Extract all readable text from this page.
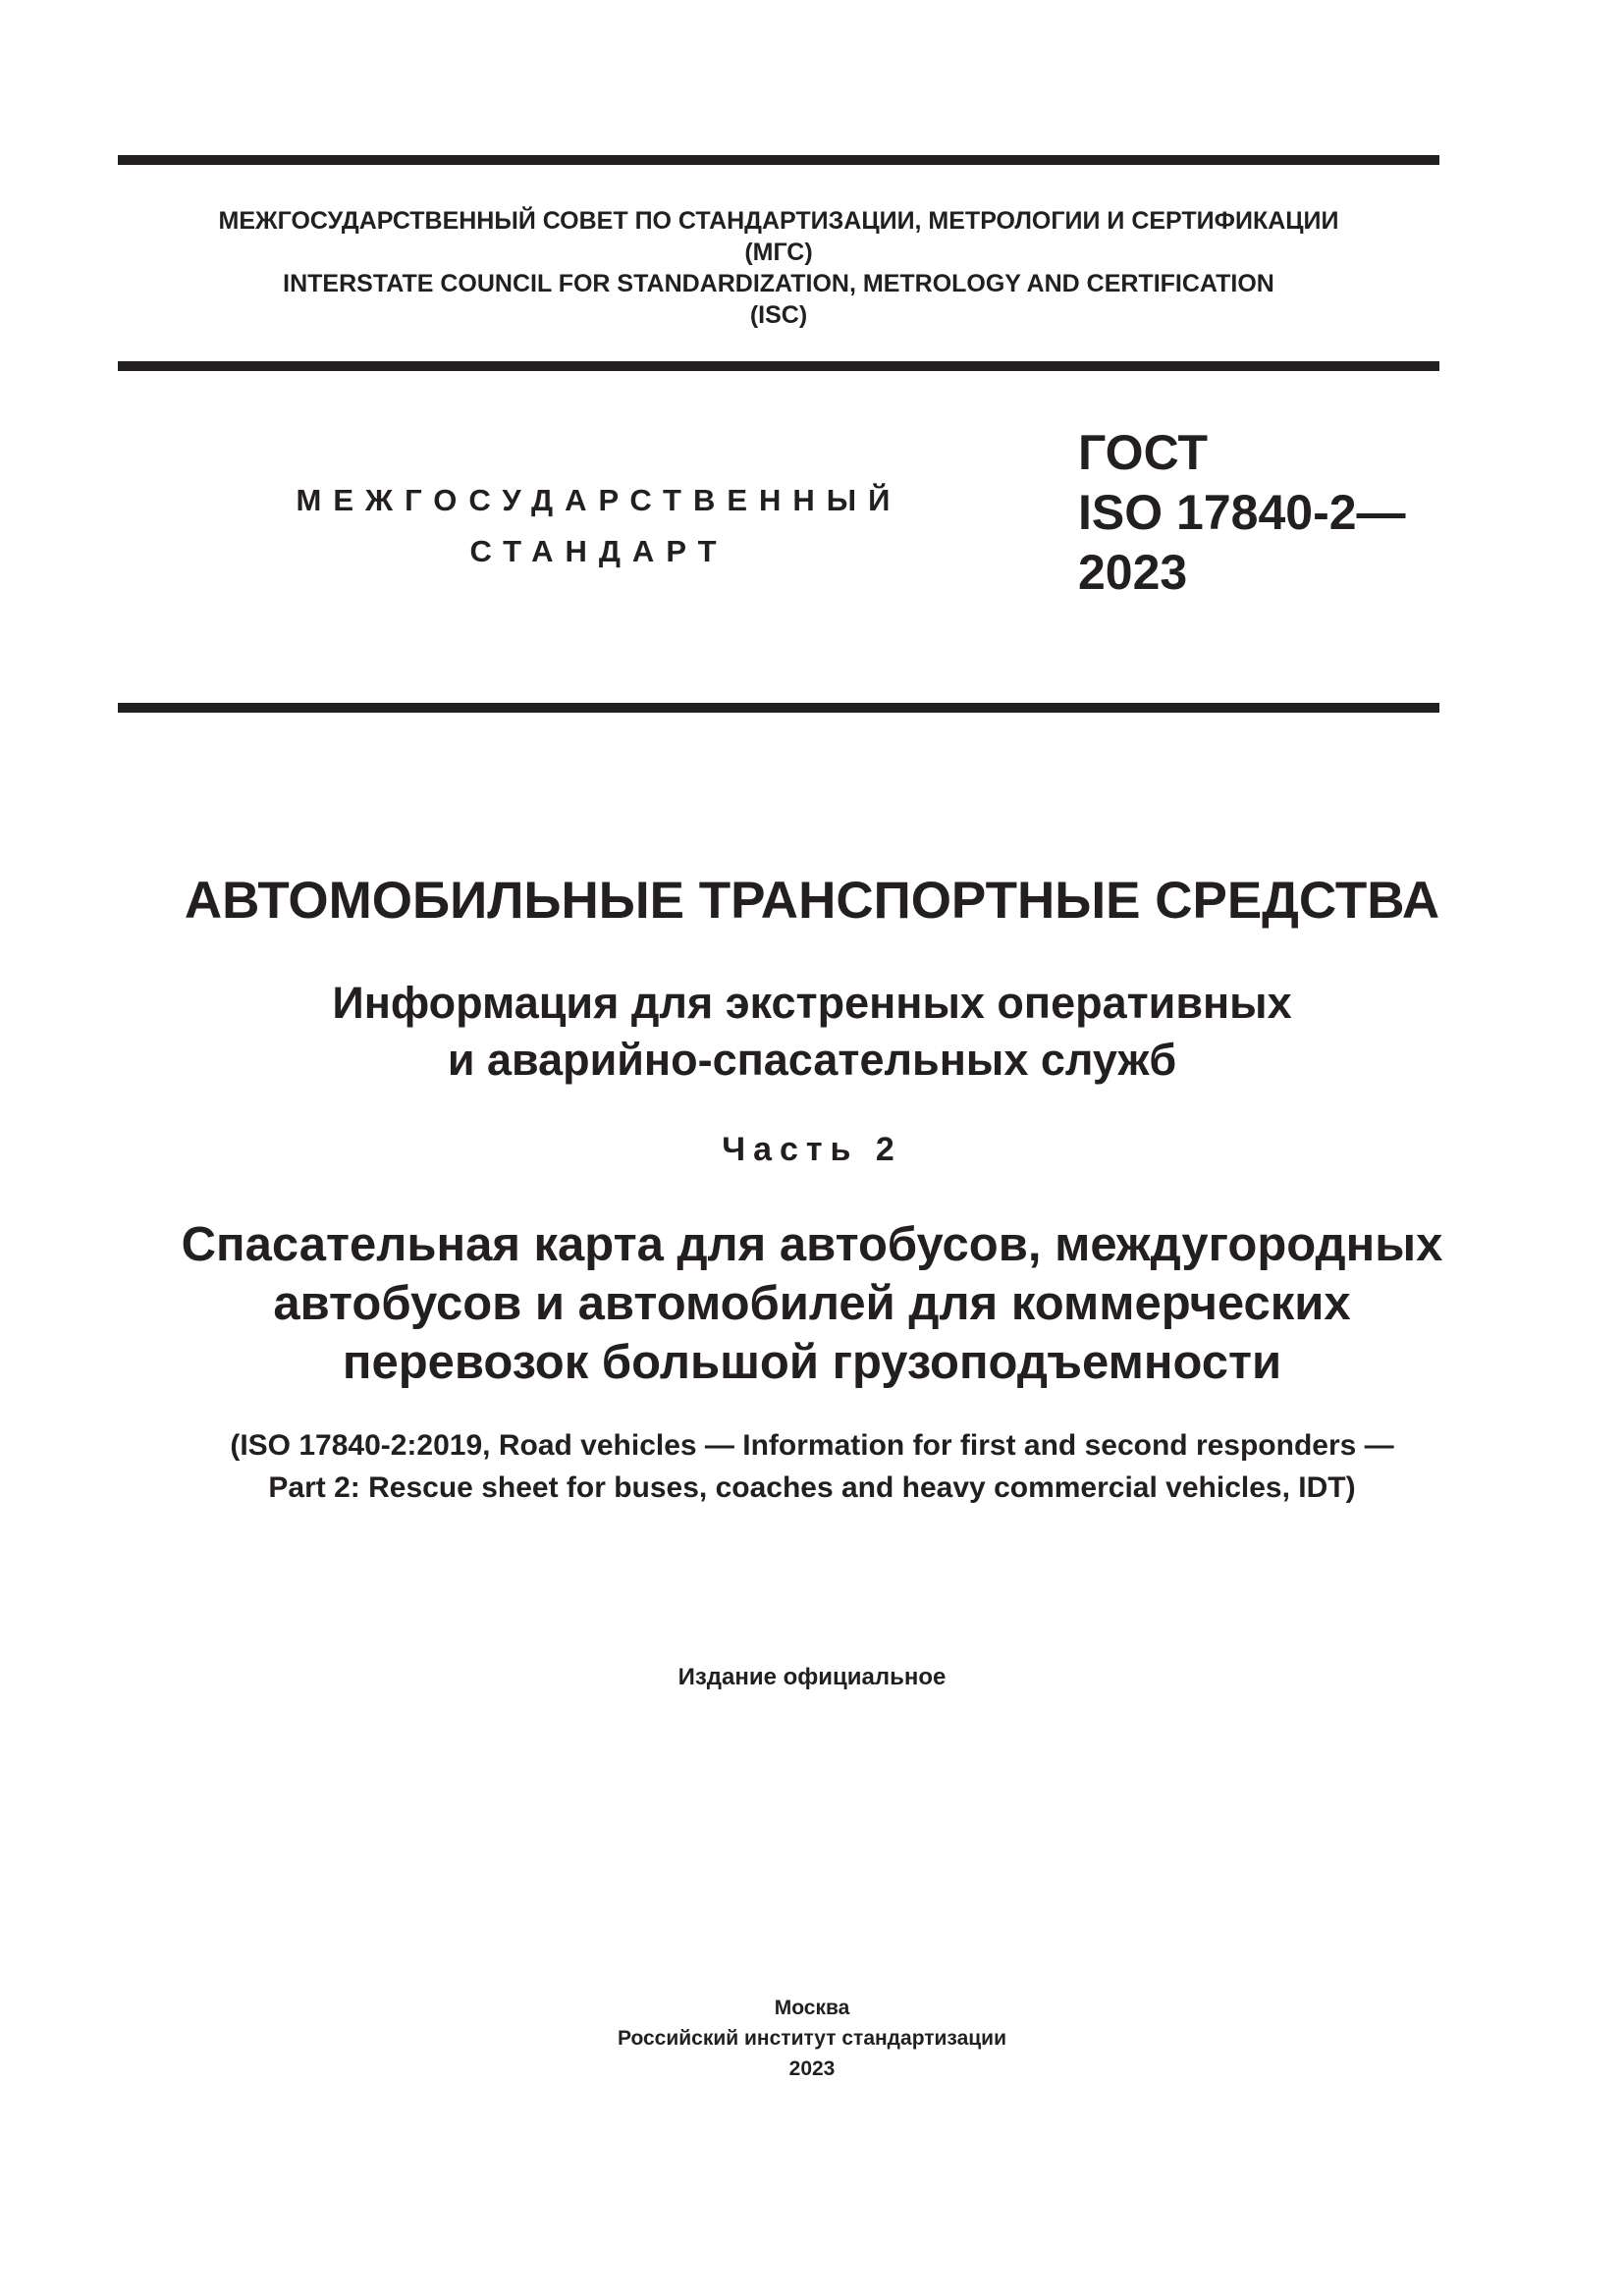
МЕЖГОСУДАРСТВЕННЫЙ СОВЕТ ПО СТАНДАРТИЗАЦИИ, МЕТРОЛОГИИ И СЕРТИФИКАЦИИ
(МГС)
INTERSTATE COUNCIL FOR STANDARDIZATION, METROLOGY AND CERTIFICATION
(ISC)
МЕЖГОСУДАРСТВЕННЫЙ
СТАНДАРТ
ГОСТ
ISO 17840-2—
2023
АВТОМОБИЛЬНЫЕ ТРАНСПОРТНЫЕ СРЕДСТВА
Информация для экстренных оперативных
и аварийно-спасательных служб
Часть 2
Спасательная карта для автобусов, междугородных
автобусов и автомобилей для коммерческих
перевозок большой грузоподъемности
(ISO 17840-2:2019, Road vehicles — Information for first and second responders —
Part 2: Rescue sheet for buses, coaches and heavy commercial vehicles, IDT)
Издание официальное
Москва
Российский институт стандартизации
2023
